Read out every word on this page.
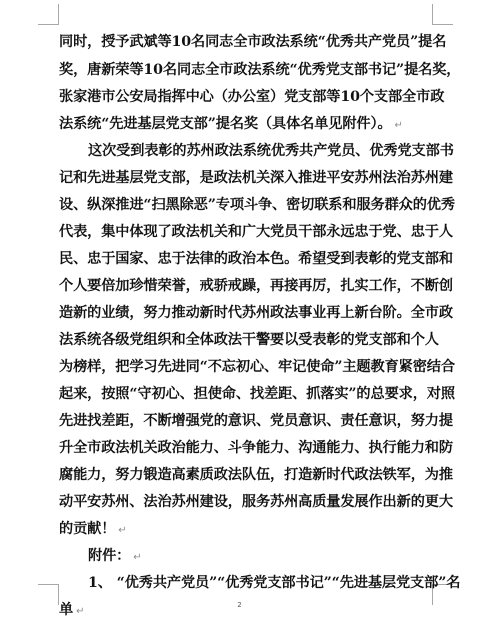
同时，授予武斌等10名同志全市政法系统“优秀共产党员”提名
奖，唐新荣等10名同志全市政法系统“优秀党支部书记”提名奖，
张家港市公安局指挥中心（办公室）党支部等10个支部全市政
法系统“先进基层党支部”提名奖（具体名单见附件）。 ↵
这次受到表彰的苏州政法系统优秀共产党员、优秀党支部书
记和先进基层党支部，是政法机关深入推进平安苏州法治苏州建
设、纵深推进“扫黑除恶”专项斗争、密切联系和服务群众的优秀
代表，集中体现了政法机关和广大党员干部永远忠于党、忠于人
民、忠于国家、忠于法律的政治本色。希望受到表彰的党支部和
个人要倍加珍惜荣誉，戒骄戒躁，再接再厉，扎实工作，不断创
造新的业绩，努力推动新时代苏州政法事业再上新台阶。全市政
法系统各级党组织和全体政法干警要以受表彰的党支部和个人
为榜样，把学习先进同“不忘初心、牢记使命”主题教育紧密结合
起来，按照“守初心、担使命、找差距、抓落实”的总要求，对照
先进找差距，不断增强党的意识、党员意识、责任意识，努力提
升全市政法机关政治能力、斗争能力、沟通能力、执行能力和防
腐能力，努力锻造高素质政法队伍，打造新时代政法铁军，为推
动平安苏州、法治苏州建设，服务苏州高质量发展作出新的更大
的贡献！ ↵
附件： ↵
1、 “优秀共产党员”“优秀党支部书记”“先进基层党支部”名
单 ↵
2
